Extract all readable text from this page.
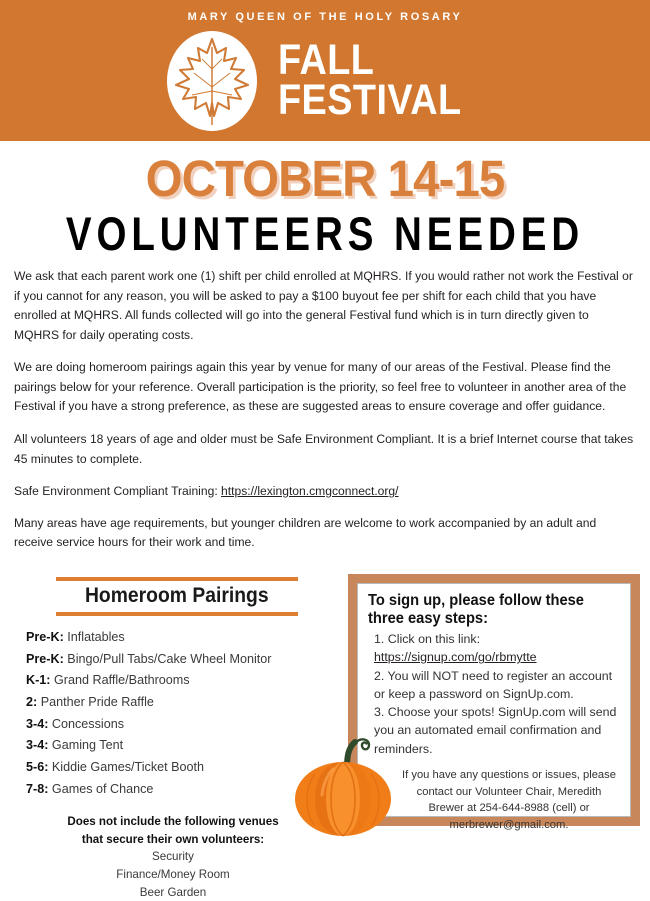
MARY QUEEN OF THE HOLY ROSARY
FALL
FESTIVAL
OCTOBER 14-15
VOLUNTEERS NEEDED

We ask that each parent work one (1) shift per child enrolled at MQHRS. If you would rather not work the Festival or if you cannot for any reason, you will be asked to pay a $100 buyout fee per shift for each child that you have enrolled at MQHRS. All funds collected will go into the general Festival fund which is in turn directly given to MQHRS for daily operating costs.

We are doing homeroom pairings again this year by venue for many of our areas of the Festival. Please find the pairings below for your reference. Overall participation is the priority, so feel free to volunteer in another area of the Festival if you have a strong preference, as these are suggested areas to ensure coverage and offer guidance.

All volunteers 18 years of age and older must be Safe Environment Compliant. It is a brief Internet course that takes 45 minutes to complete.

Safe Environment Compliant Training: https://lexington.cmgconnect.org/

Many areas have age requirements, but younger children are welcome to work accompanied by an adult and receive service hours for their work and time.

Homeroom Pairings
Pre-K: Inflatables
Pre-K: Bingo/Pull Tabs/Cake Wheel Monitor
K-1: Grand Raffle/Bathrooms
2: Panther Pride Raffle
3-4: Concessions
3-4: Gaming Tent
5-6: Kiddie Games/Ticket Booth
7-8: Games of Chance
Does not include the following venues
that secure their own volunteers:
Security
Finance/Money Room
Beer Garden
To sign up, please follow these three easy steps:
1. Click on this link:
https://signup.com/go/rbmytte
2. You will NOT need to register an account or keep a password on SignUp.com.
3. Choose your spots! SignUp.com will send you an automated email confirmation and reminders.
If you have any questions or issues, please contact our Volunteer Chair, Meredith Brewer at 254-644-8988 (cell) or merbrewer@gmail.com.
